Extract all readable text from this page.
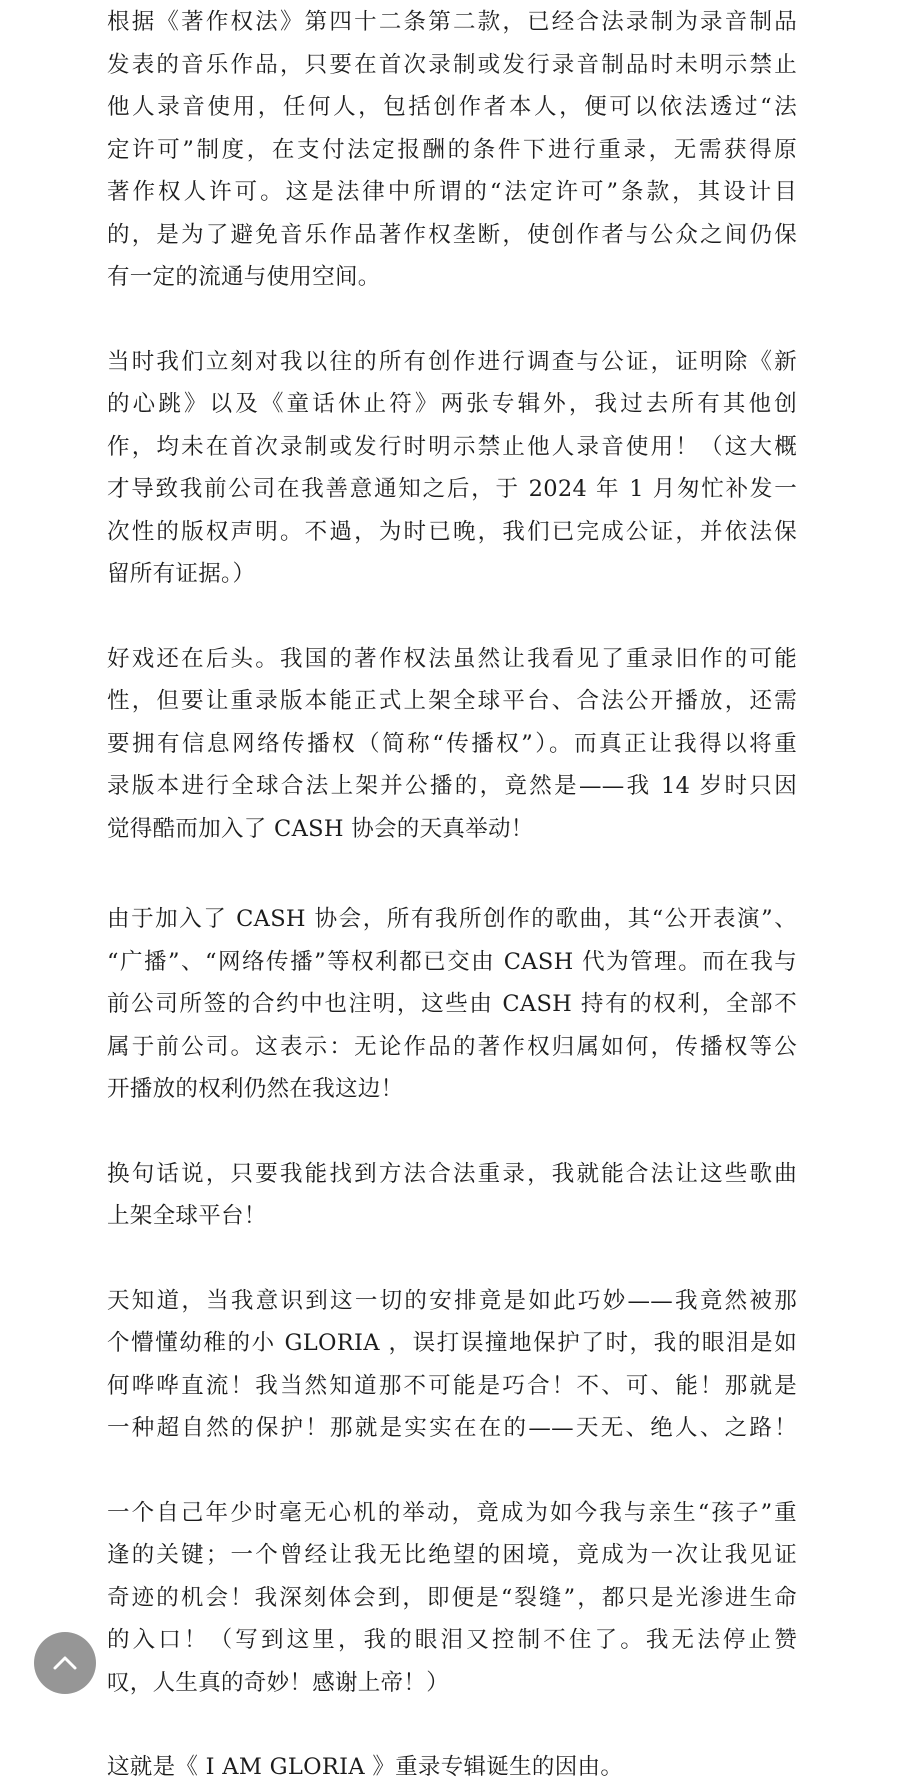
根据《著作权法》第四十二条第二款，已经合法录制为录音制品
发表的音乐作品，只要在首次录制或发行录音制品时未明示禁止
他人录音使用，任何人，包括创作者本人，便可以依法透过“法
定许可”制度，在支付法定报酬的条件下进行重录，无需获得原
著作权人许可。这是法律中所谓的“法定许可”条款，其设计目
的，是为了避免音乐作品著作权垄断，使创作者与公众之间仍保
有一定的流通与使用空间。

当时我们立刻对我以往的所有创作进行调查与公证，证明除《新
的心跳》以及《童话休止符》两张专辑外，我过去所有其他创
作，均未在首次录制或发行时明示禁止他人录音使用！（这大概
才导致我前公司在我善意通知之后，于 2024 年 1 月匆忙补发一
次性的版权声明。不過，为时已晚，我们已完成公证，并依法保
留所有证据。）

好戏还在后头。我国的著作权法虽然让我看见了重录旧作的可能
性，但要让重录版本能正式上架全球平台、合法公开播放，还需
要拥有信息网络传播权（简称“传播权”）。而真正让我得以将重
录版本进行全球合法上架并公播的，竟然是——我 14 岁时只因
觉得酷而加入了 CASH 协会的天真举动！

由于加入了 CASH 协会，所有我所创作的歌曲，其“公开表演”、
“广播”、“网络传播”等权利都已交由 CASH 代为管理。而在我与
前公司所签的合约中也注明，这些由 CASH 持有的权利，全部不
属于前公司。这表示：无论作品的著作权归属如何，传播权等公
开播放的权利仍然在我这边！

换句话说，只要我能找到方法合法重录，我就能合法让这些歌曲
上架全球平台！

天知道，当我意识到这一切的安排竟是如此巧妙——我竟然被那
个懵懂幼稚的小 GLORIA ，误打误撞地保护了时，我的眼泪是如
何哗哗直流！我当然知道那不可能是巧合！不、可、能！那就是
一种超自然的保护！那就是实实在在的——天无、绝人、之路！

一个自己年少时毫无心机的举动，竟成为如今我与亲生“孩子”重
逢的关键；一个曾经让我无比绝望的困境，竟成为一次让我见证
奇迹的机会！我深刻体会到，即便是“裂缝”，都只是光渗进生命
的入口！（写到这里，我的眼泪又控制不住了。我无法停止赞
叹，人生真的奇妙！感谢上帝！）

这就是《 I AM GLORIA 》重录专辑诞生的因由。
